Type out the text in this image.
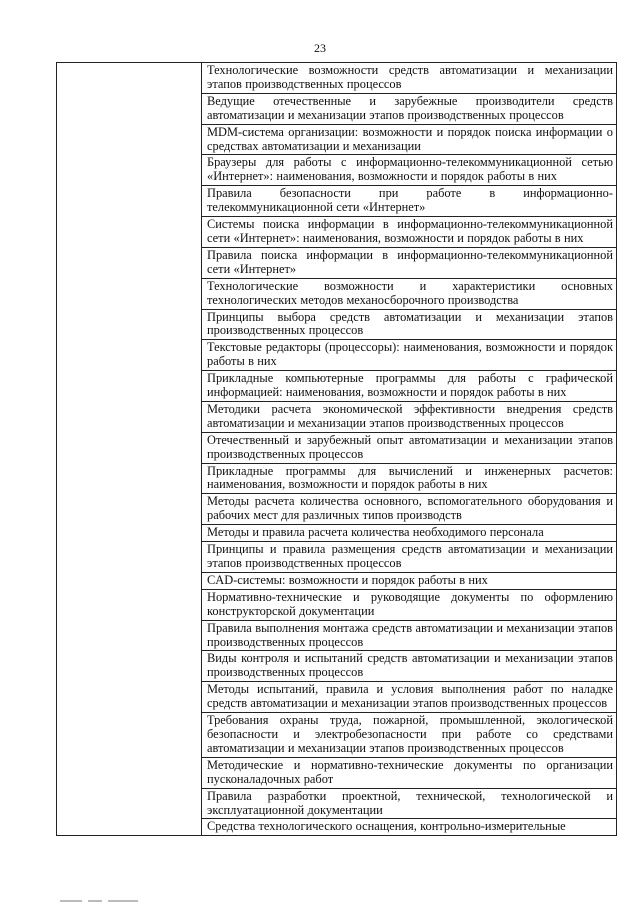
23

Технологические возможности средств автоматизации и механизации этапов производственных процессов

Ведущие отечественные и зарубежные производители средств автоматизации и механизации этапов производственных процессов

MDM-система организации: возможности и порядок поиска информации о средствах автоматизации и механизации

Браузеры для работы с информационно-телекоммуникационной сетью «Интернет»: наименования, возможности и порядок работы в них

Правила безопасности при работе в информационно-телекоммуникационной сети «Интернет»

Системы поиска информации в информационно-телекоммуникационной сети «Интернет»: наименования, возможности и порядок работы в них

Правила поиска информации в информационно-телекоммуникационной сети «Интернет»

Технологические возможности и характеристики основных технологических методов механосборочного производства

Принципы выбора средств автоматизации и механизации этапов производственных процессов

Текстовые редакторы (процессоры): наименования, возможности и порядок работы в них

Прикладные компьютерные программы для работы с графической информацией: наименования, возможности и порядок работы в них

Методики расчета экономической эффективности внедрения средств автоматизации и механизации этапов производственных процессов

Отечественный и зарубежный опыт автоматизации и механизации этапов производственных процессов

Прикладные программы для вычислений и инженерных расчетов: наименования, возможности и порядок работы в них

Методы расчета количества основного, вспомогательного оборудования и рабочих мест для различных типов производств

Методы и правила расчета количества необходимого персонала

Принципы и правила размещения средств автоматизации и механизации этапов производственных процессов

CAD-системы: возможности и порядок работы в них

Нормативно-технические и руководящие документы по оформлению конструкторской документации

Правила выполнения монтажа средств автоматизации и механизации этапов производственных процессов

Виды контроля и испытаний средств автоматизации и механизации этапов производственных процессов

Методы испытаний, правила и условия выполнения работ по наладке средств автоматизации и механизации этапов производственных процессов

Требования охраны труда, пожарной, промышленной, экологической безопасности и электробезопасности при работе со средствами автоматизации и механизации этапов производственных процессов

Методические и нормативно-технические документы по организации пусконаладочных работ

Правила разработки проектной, технической, технологической и эксплуатационной документации

Средства технологического оснащения, контрольно-измерительные
